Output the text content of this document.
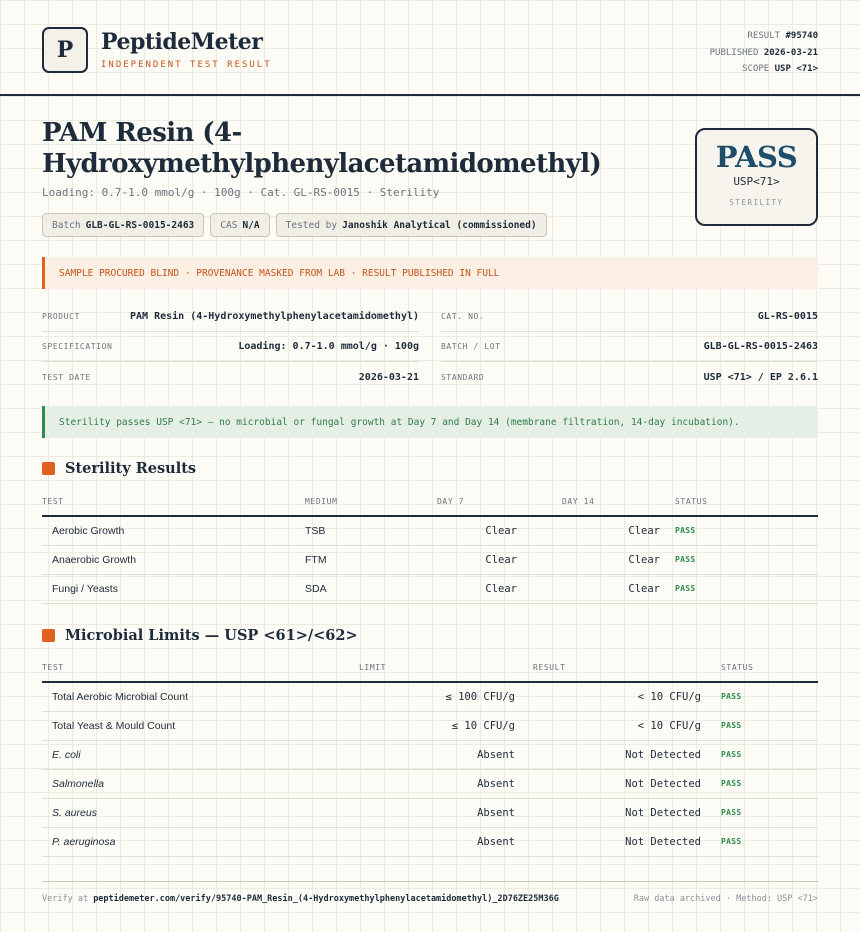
P	PeptideMeter
INDEPENDENT TEST RESULT
RESULT #95740
PUBLISHED 2026-03-21
SCOPE USP <71>
PAM Resin (4-Hydroxymethylphenylacetamidomethyl)
Loading: 0.7-1.0 mmol/g · 100g · Cat. GL-RS-0015 · Sterility
Batch GLB-GL-RS-0015-2463	CAS N/A	Tested by Janoshik Analytical (commissioned)
PASS
USP<71>
STERILITY
SAMPLE PROCURED BLIND · PROVENANCE MASKED FROM LAB · RESULT PUBLISHED IN FULL
PRODUCT	PAM Resin (4-Hydroxymethylphenylacetamidomethyl)
SPECIFICATION	Loading: 0.7-1.0 mmol/g · 100g
TEST DATE	2026-03-21
CAT. NO.	GL-RS-0015
BATCH / LOT	GLB-GL-RS-0015-2463
STANDARD	USP <71> / EP 2.6.1
Sterility passes USP <71> — no microbial or fungal growth at Day 7 and Day 14 (membrane filtration, 14-day incubation).
Sterility Results
TEST	MEDIUM	DAY 7	DAY 14	STATUS
Aerobic Growth	TSB	Clear	Clear	PASS
Anaerobic Growth	FTM	Clear	Clear	PASS
Fungi / Yeasts	SDA	Clear	Clear	PASS
Microbial Limits — USP <61>/<62>
TEST	LIMIT	RESULT	STATUS
Total Aerobic Microbial Count	≤ 100 CFU/g	< 10 CFU/g	PASS
Total Yeast & Mould Count	≤ 10 CFU/g	< 10 CFU/g	PASS
E. coli	Absent	Not Detected	PASS
Salmonella	Absent	Not Detected	PASS
S. aureus	Absent	Not Detected	PASS
P. aeruginosa	Absent	Not Detected	PASS
Verify at peptidemeter.com/verify/95740-PAM_Resin_(4-Hydroxymethylphenylacetamidomethyl)_2D76ZE25M36G	Raw data archived · Method: USP <71>
